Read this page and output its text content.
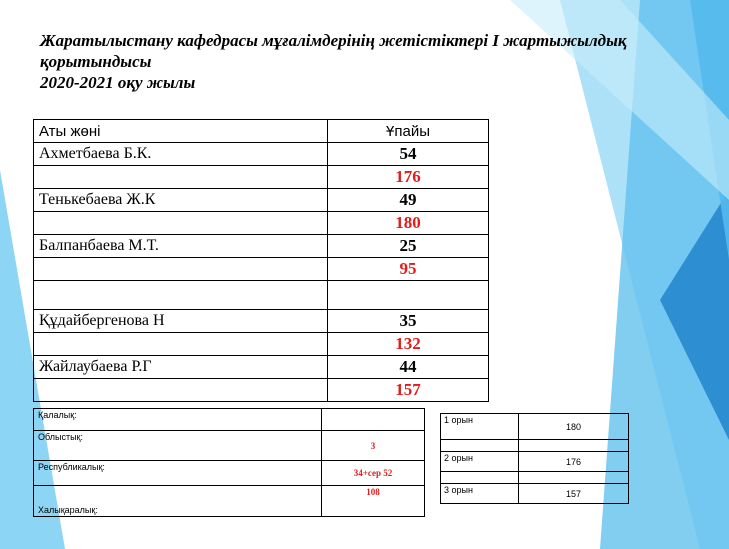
Жаратылыстану кафедрасы мұғалімдерінің жетістіктері I жартыжылдық
қорытындысы
2020-2021 оқу жылы
Аты жөні	Ұпайы
Ахметбаева Б.К.	54
	176
Тенькебаева Ж.К	49
	180
Балпанбаева М.Т.	25
	95

Құдайбергенова Н	35
	132
Жайлаубаева Р.Г	44
	157
Қалалық:	
Облыстық:	3
Республикалық:	34+сер 52
Халықаралық:	108
1 орын	180

2 орын	176

3 орын	157
